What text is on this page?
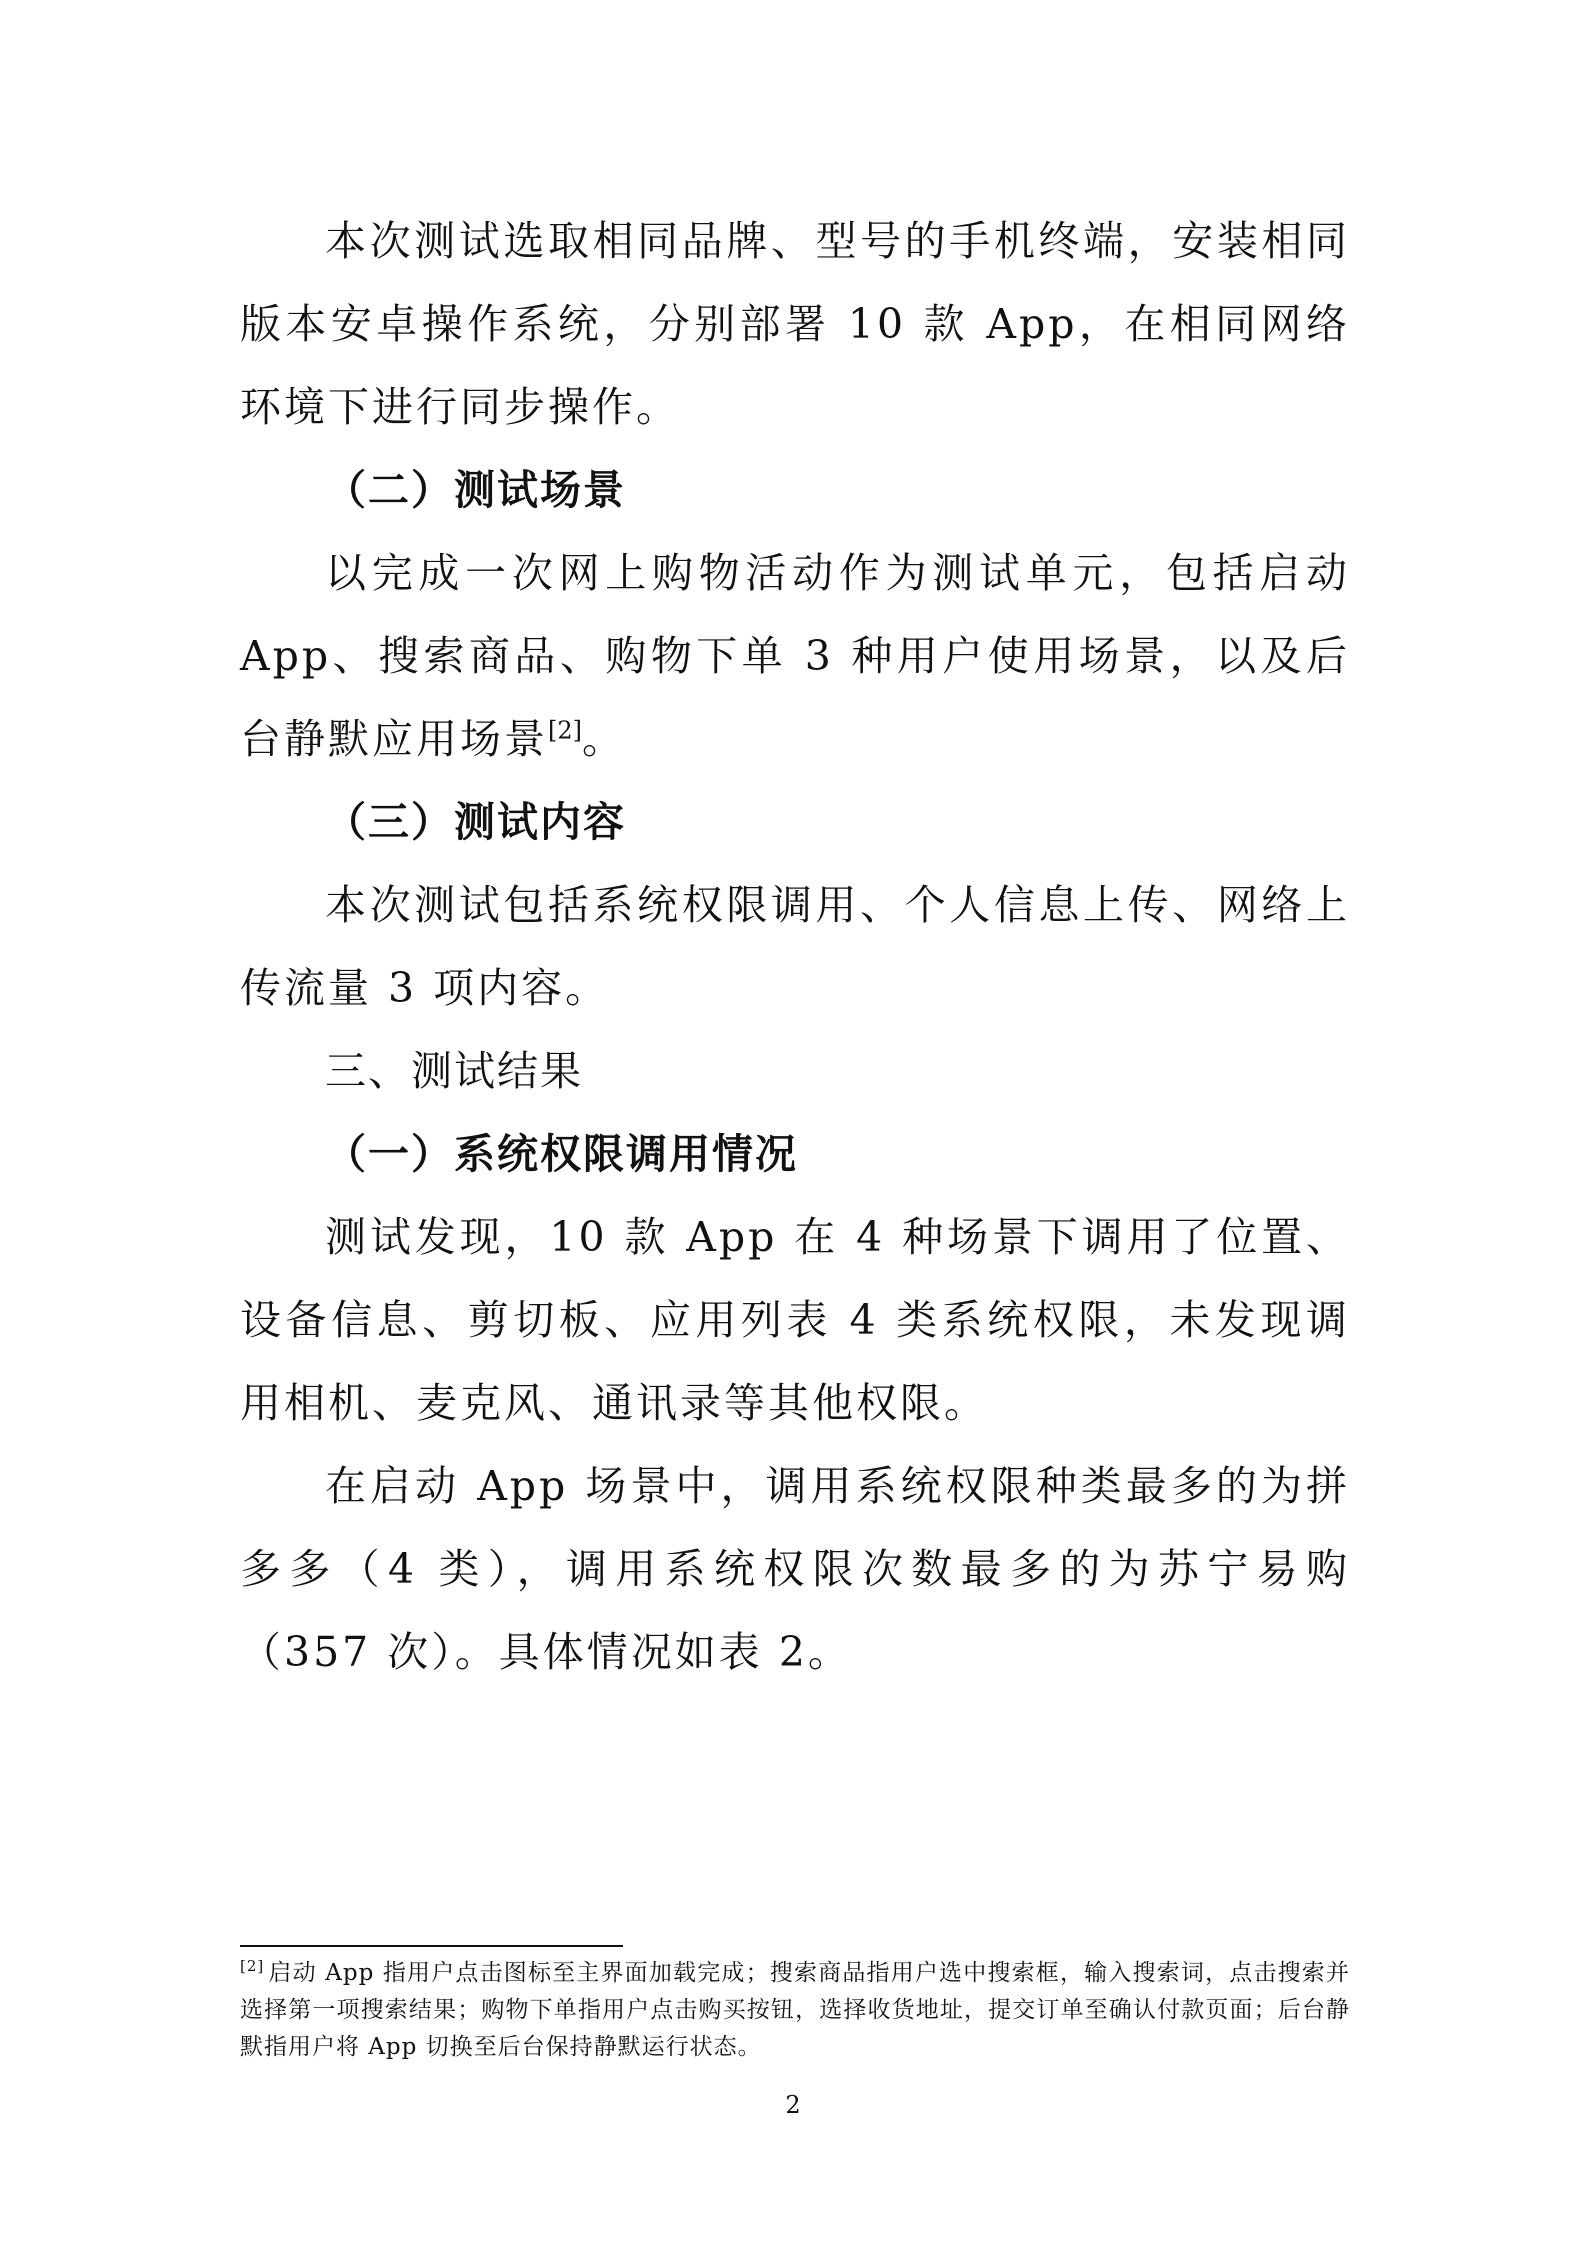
本次测试选取相同品牌、型号的手机终端，安装相同版本安卓操作系统，分别部署 10 款 App，在相同网络环境下进行同步操作。

（二）测试场景

以完成一次网上购物活动作为测试单元，包括启动 App、搜索商品、购物下单 3 种用户使用场景，以及后台静默应用场景[2]。

（三）测试内容

本次测试包括系统权限调用、个人信息上传、网络上传流量 3 项内容。

三、测试结果

（一）系统权限调用情况

测试发现，10 款 App 在 4 种场景下调用了位置、设备信息、剪切板、应用列表 4 类系统权限，未发现调用相机、麦克风、通讯录等其他权限。

在启动 App 场景中，调用系统权限种类最多的为拼多多（4 类），调用系统权限次数最多的为苏宁易购（357 次）。具体情况如表 2。

[2] 启动 App 指用户点击图标至主界面加载完成；搜索商品指用户选中搜索框，输入搜索词，点击搜索并选择第一项搜索结果；购物下单指用户点击购买按钮，选择收货地址，提交订单至确认付款页面；后台静默指用户将 App 切换至后台保持静默运行状态。

2
